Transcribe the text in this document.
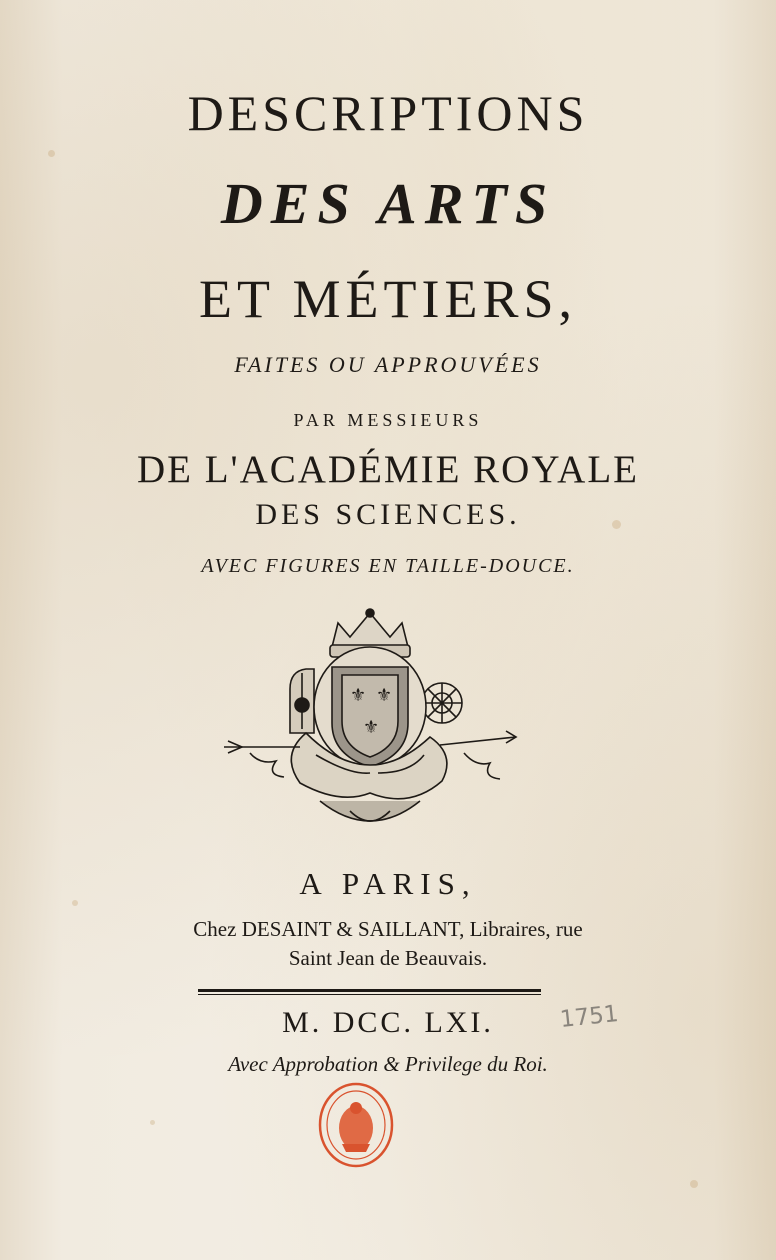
DESCRIPTIONS
DES ARTS
ET MÉTIERS,
FAITES OU APPROUVÉES
PAR MESSIEURS
DE L'ACADÉMIE ROYALE
DES SCIENCES.
AVEC FIGURES EN TAILLE-DOUCE.
⚜ ⚜
⚜
A PARIS,
Chez DESAINT & SAILLANT, Libraires, rue
Saint Jean de Beauvais.
M. DCC. LXI.	1751
Avec Approbation & Privilege du Roi.
